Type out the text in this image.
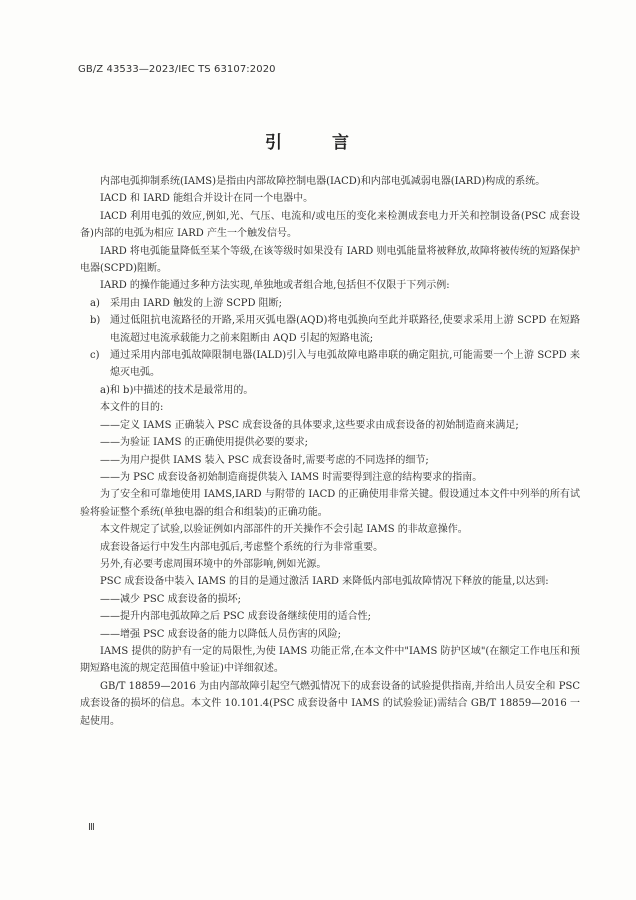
GB/Z 43533—2023/IEC TS 63107:2020
引 言

内部电弧抑制系统(IAMS)是指由内部故障控制电器(IACD)和内部电弧减弱电器(IARD)构成的系统。

IACD 和 IARD 能组合并设计在同一个电器中。

IACD 利用电弧的效应,例如,光、气压、电流和/或电压的变化来检测成套电力开关和控制设备(PSC 成套设备)内部的电弧为相应 IARD 产生一个触发信号。

IARD 将电弧能量降低至某个等级,在该等级时如果没有 IARD 则电弧能量将被释放,故障将被传统的短路保护电器(SCPD)阻断。

IARD 的操作能通过多种方法实现,单独地或者组合地,包括但不仅限于下列示例:

a)	采用由 IARD 触发的上游 SCPD 阻断;
b) 通过低阻抗电流路径的开路,采用灭弧电器(AQD)将电弧换向至此并联路径,使要求采用上游 SCPD 在短路电流超过电流承载能力之前来阻断由 AQD 引起的短路电流;
c)	通过采用内部电弧故障限制电器(IALD)引入与电弧故障电路串联的确定阻抗,可能需要一个上游 SCPD 来熄灭电弧。

a)和 b)中描述的技术是最常用的。

本文件的目的:

——定义 IAMS 正确装入 PSC 成套设备的具体要求,这些要求由成套设备的初始制造商来满足;

——为验证 IAMS 的正确使用提供必要的要求;

——为用户提供 IAMS 装入 PSC 成套设备时,需要考虑的不同选择的细节;

——为 PSC 成套设备初始制造商提供装入 IAMS 时需要得到注意的结构要求的指南。

为了安全和可靠地使用 IAMS,IARD 与附带的 IACD 的正确使用非常关键。假设通过本文件中列举的所有试验将验证整个系统(单独电器的组合和组装)的正确功能。

本文件规定了试验,以验证例如内部部件的开关操作不会引起 IAMS 的非故意操作。

成套设备运行中发生内部电弧后,考虑整个系统的行为非常重要。

另外,有必要考虑周围环境中的外部影响,例如光源。

PSC 成套设备中装入 IAMS 的目的是通过激活 IARD 来降低内部电弧故障情况下释放的能量,以达到:

——减少 PSC 成套设备的损坏;

——提升内部电弧故障之后 PSC 成套设备继续使用的适合性;

——增强 PSC 成套设备的能力以降低人员伤害的风险;

IAMS 提供的防护有一定的局限性,为使 IAMS 功能正常,在本文件中"IAMS 防护区域"(在额定工作电压和预期短路电流的规定范围值中验证)中详细叙述。

GB/T 18859—2016 为由内部故障引起空气燃弧情况下的成套设备的试验提供指南,并给出人员安全和 PSC 成套设备的损坏的信息。本文件 10.101.4(PSC 成套设备中 IAMS 的试验验证)需结合 GB/T 18859—2016 一起使用。

Ⅲ
